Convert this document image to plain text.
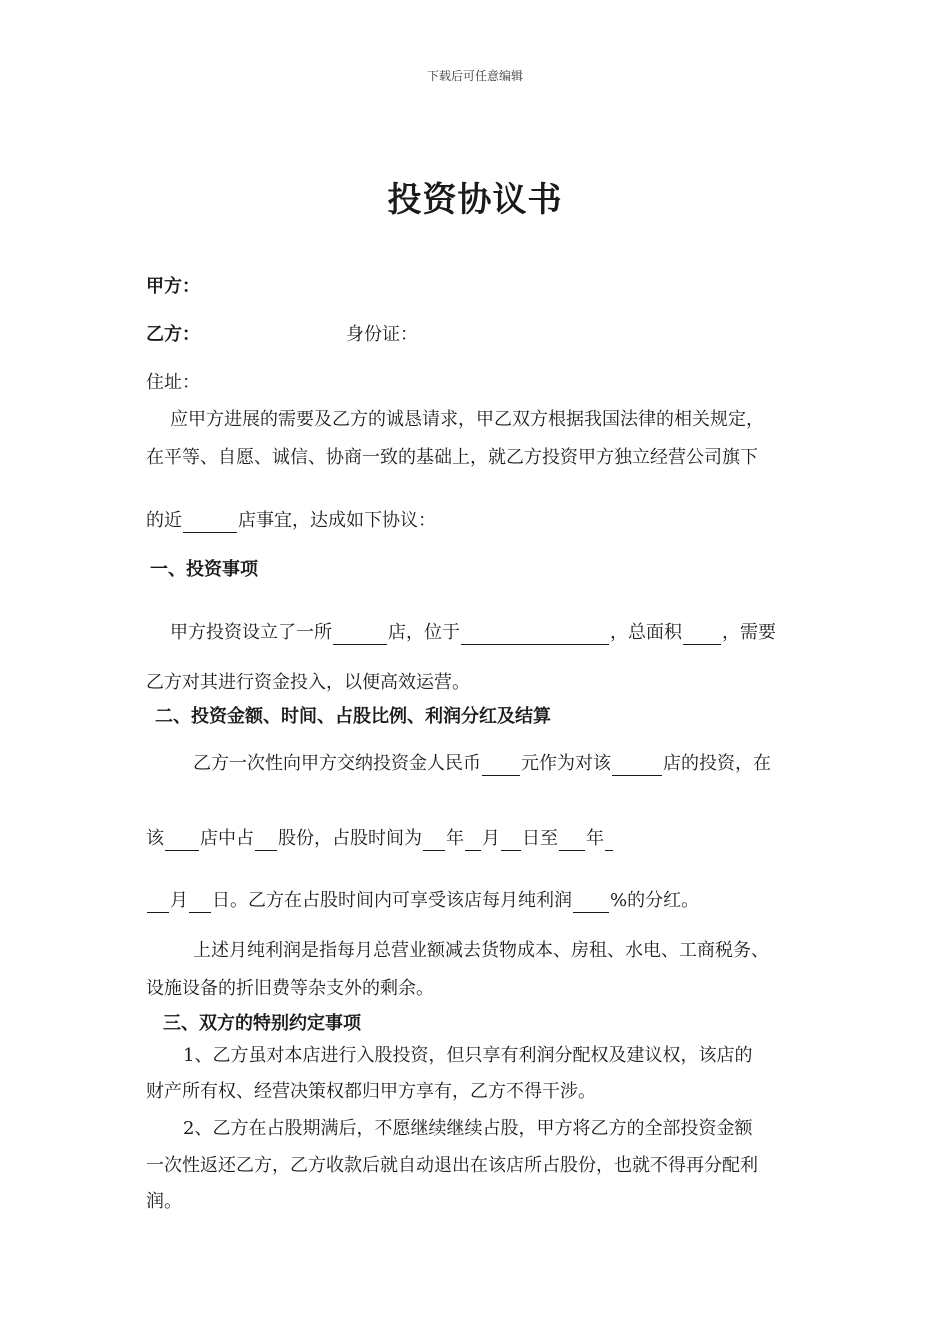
下载后可任意编辑
投资协议书
甲方：
乙方：	身份证：
住址：
应甲方进展的需要及乙方的诚恳请求，甲乙双方根据我国法律的相关规定，
在平等、自愿、诚信、协商一致的基础上，就乙方投资甲方独立经营公司旗下
的近	店事宜，达成如下协议：
一、投资事项
甲方投资设立了一所	店，位于	，总面积 ，需要
乙方对其进行资金投入，以便高效运营。
二、投资金额、时间、占股比例、利润分红及结算
乙方一次性向甲方交纳投资金人民币 元作为对该	店的投资，在
该 店中占 股份，占股时间为 年 月 日至 年
月 日。乙方在占股时间内可享受该店每月纯利润 %的分红。
上述月纯利润是指每月总营业额减去货物成本、房租、水电、工商税务、
设施设备的折旧费等杂支外的剩余。
三、双方的特别约定事项
1、乙方虽对本店进行入股投资，但只享有利润分配权及建议权，该店的
财产所有权、经营决策权都归甲方享有，乙方不得干涉。
2、乙方在占股期满后，不愿继续继续占股，甲方将乙方的全部投资金额
一次性返还乙方，乙方收款后就自动退出在该店所占股份，也就不得再分配利
润。
